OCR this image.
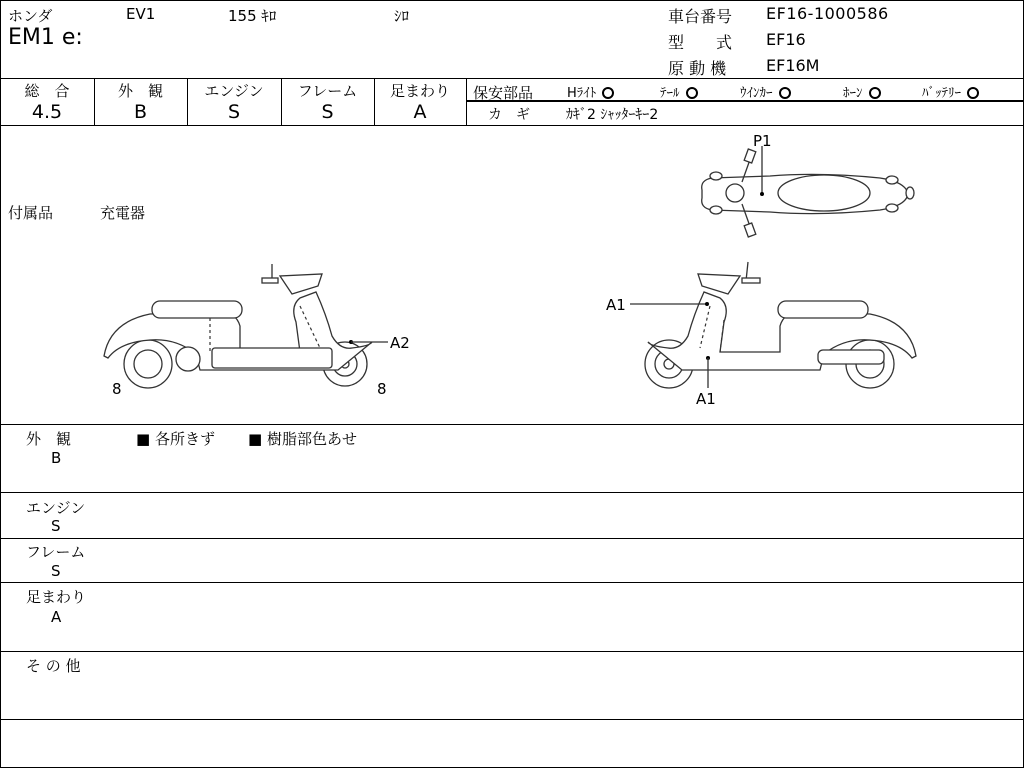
ホンダ	EV1	155 ｷﾛ	ｼﾛ
EM1 e:
車台番号 EF16-1000586
型　　式 EF16
原 動 機 EF16M
総　合	外　観	エンジン	フレーム	足まわり
4.5	B	S	S	A
保安部品	Hﾗｲﾄ	ﾃｰﾙ	ｳｲﾝｶｰ	ﾎｰﾝ	ﾊﾞｯﾃﾘｰ
カ　ギ	ｶｷﾞ2 ｼｬｯﾀｰｷｰ2
付属品	充電器
A2
8	8
A1
A1
P1
外　観	■ 各所きず ■ 樹脂部色あせ
B
エンジン
S
フレーム
S
足まわり
A
そ の 他
